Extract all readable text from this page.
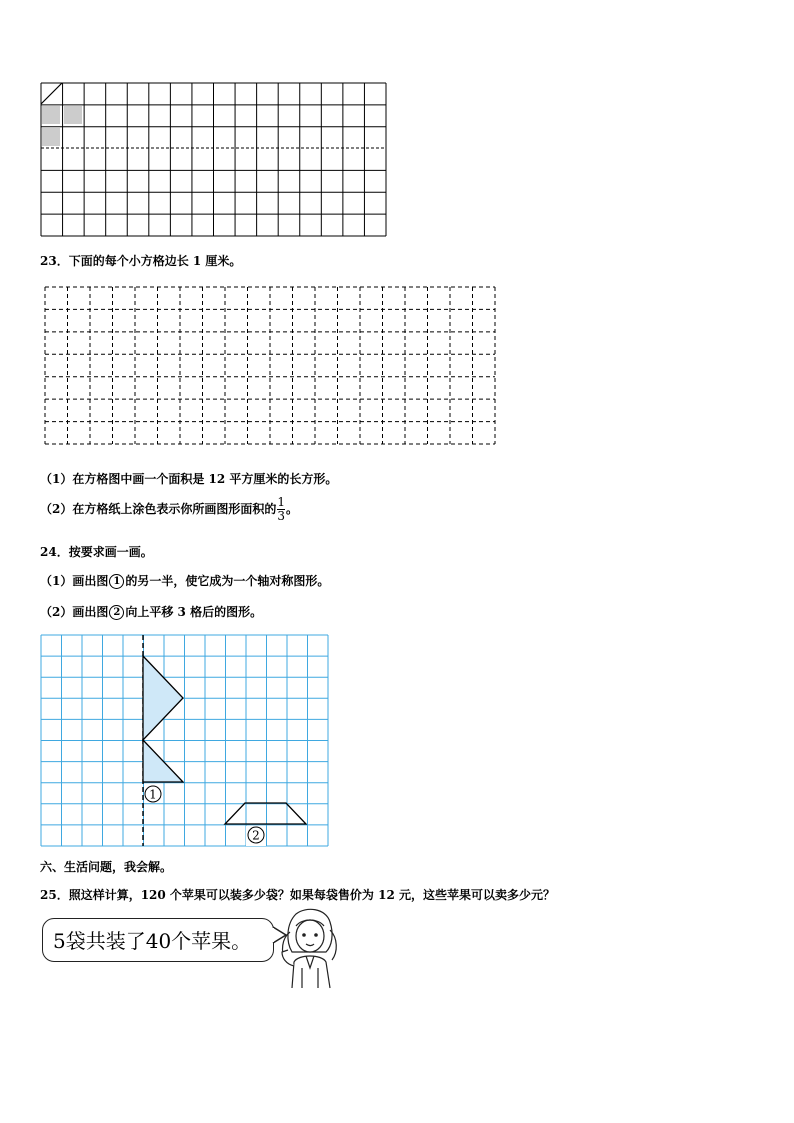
23．下面的每个小方格边长 1 厘米。
（1）在方格图中画一个面积是 12 平方厘米的长方形。
（2）在方格纸上涂色表示你所画图形面积的 $\frac{1}{3}$ 。
24．按要求画一画。
（1）画出图 1 的另一半，使它成为一个轴对称图形。
（2）画出图 2 向上平移 3 格后的图形。
1
2
六、生活问题，我会解。
25．照这样计算，120 个苹果可以装多少袋？如果每袋售价为 12 元，这些苹果可以卖多少元？
5袋共装了40个苹果。
